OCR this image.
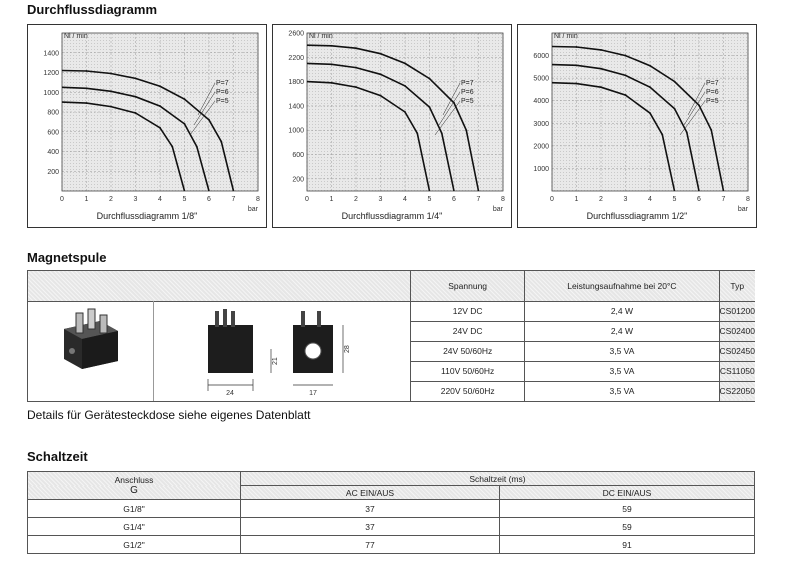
Durchflussdiagramm
Magnetspule
Schaltzeit
0	1	2	3	4	5	6	7	8
200
400
600
800
1000
1200
1400
Nl / min
bar
P=7
P=6
P=5
Durchflussdiagramm 1/8"
0	1	2	3	4	5	6	7	8
200
600
1000
1400
1800
2200
2600 Nl / min
bar
P=7
P=6
P=5
Durchflussdiagramm 1/4"
0	1	2	3	4	5	6	7	8
1000
2000
3000
4000
5000
6000
Nl / min
bar
P=7
P=6
P=5
Durchflussdiagramm 1/2"
24
21
28
17
Spannung	Leistungsaufnahme bei 20°C	Typ
12V DC	2,4 W	CS01200
24V DC	2,4 W	CS02400
24V 50/60Hz	3,5 VA	CS02450
110V 50/60Hz	3,5 VA	CS11050
220V 50/60Hz	3,5 VA	CS22050
Details für Gerätesteckdose siehe eigenes Datenblatt
Anschluss
G	Schaltzeit (ms)	
	AC EIN/AUS	DC EIN/AUS
G1/8"	37	59
G1/4"	37	59
G1/2"	77	91
